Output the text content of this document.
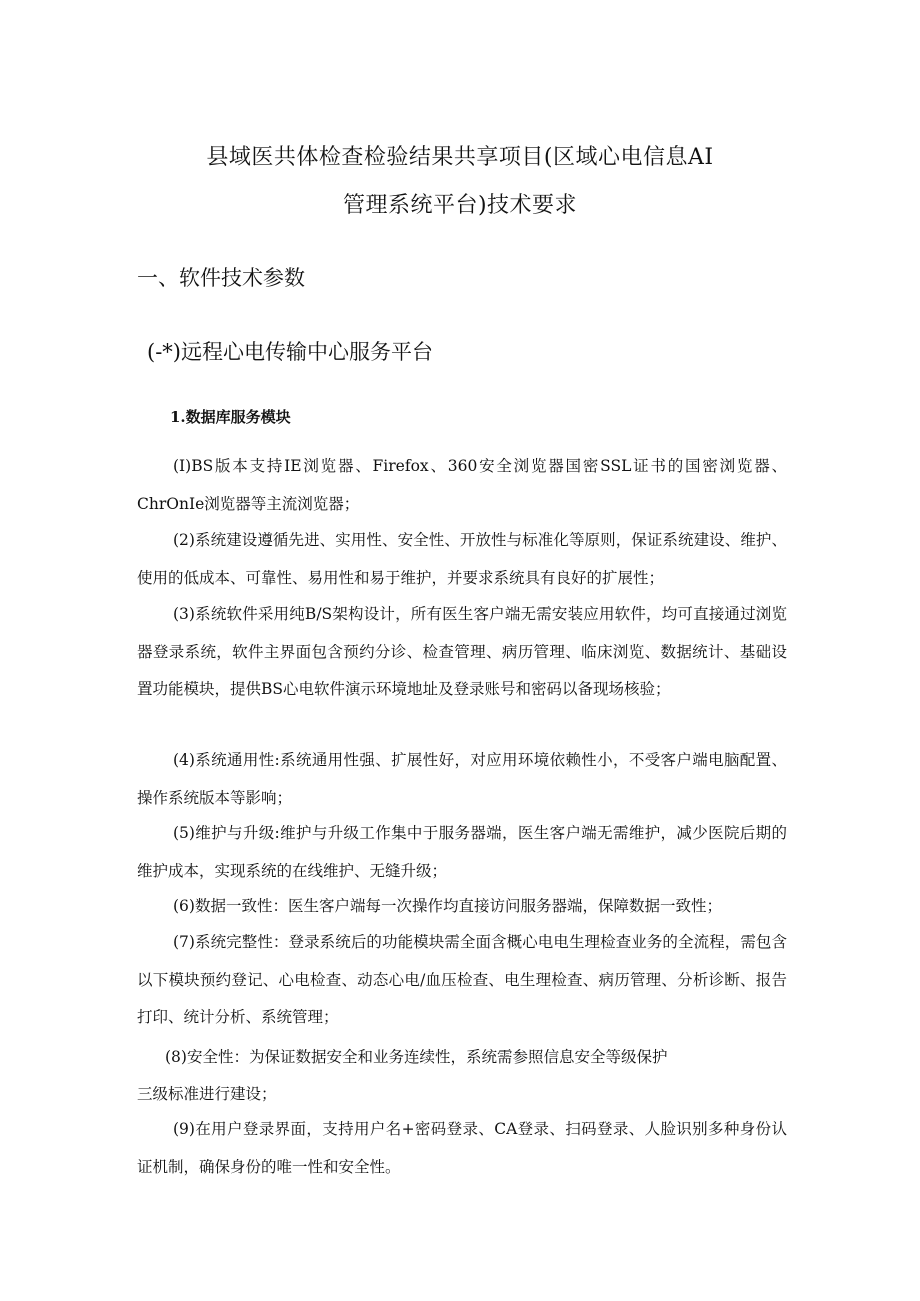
县域医共体检查检验结果共享项目(区域心电信息AI
管理系统平台)技术要求
一、软件技术参数
(-*)远程心电传输中心服务平台
1.数据库服务模块
(I)BS版本支持IE浏览器、Firefox、360安全浏览器国密SSL证书的国密浏览器、ChrOnIe浏览器等主流浏览器；
(2)系统建设遵循先进、实用性、安全性、开放性与标准化等原则，保证系统建设、维护、使用的低成本、可靠性、易用性和易于维护，并要求系统具有良好的扩展性；
(3)系统软件采用纯B/S架构设计，所有医生客户端无需安装应用软件，均可直接通过浏览器登录系统，软件主界面包含预约分诊、检查管理、病历管理、临床浏览、数据统计、基础设置功能模块，提供BS心电软件演示环境地址及登录账号和密码以备现场核验；
(4)系统通用性:系统通用性强、扩展性好，对应用环境依赖性小，不受客户端电脑配置、操作系统版本等影响；
(5)维护与升级:维护与升级工作集中于服务器端，医生客户端无需维护，减少医院后期的维护成本，实现系统的在线维护、无缝升级；
(6)数据一致性：医生客户端每一次操作均直接访问服务器端，保障数据一致性；
(7)系统完整性：登录系统后的功能模块需全面含概心电电生理检查业务的全流程，需包含以下模块预约登记、心电检查、动态心电/血压检查、电生理检查、病历管理、分析诊断、报告打印、统计分析、系统管理；
(8)安全性：为保证数据安全和业务连续性，系统需参照信息安全等级保护
三级标准进行建设；
(9)在用户登录界面，支持用户名+密码登录、CA登录、扫码登录、人脸识别多种身份认证机制，确保身份的唯一性和安全性。
